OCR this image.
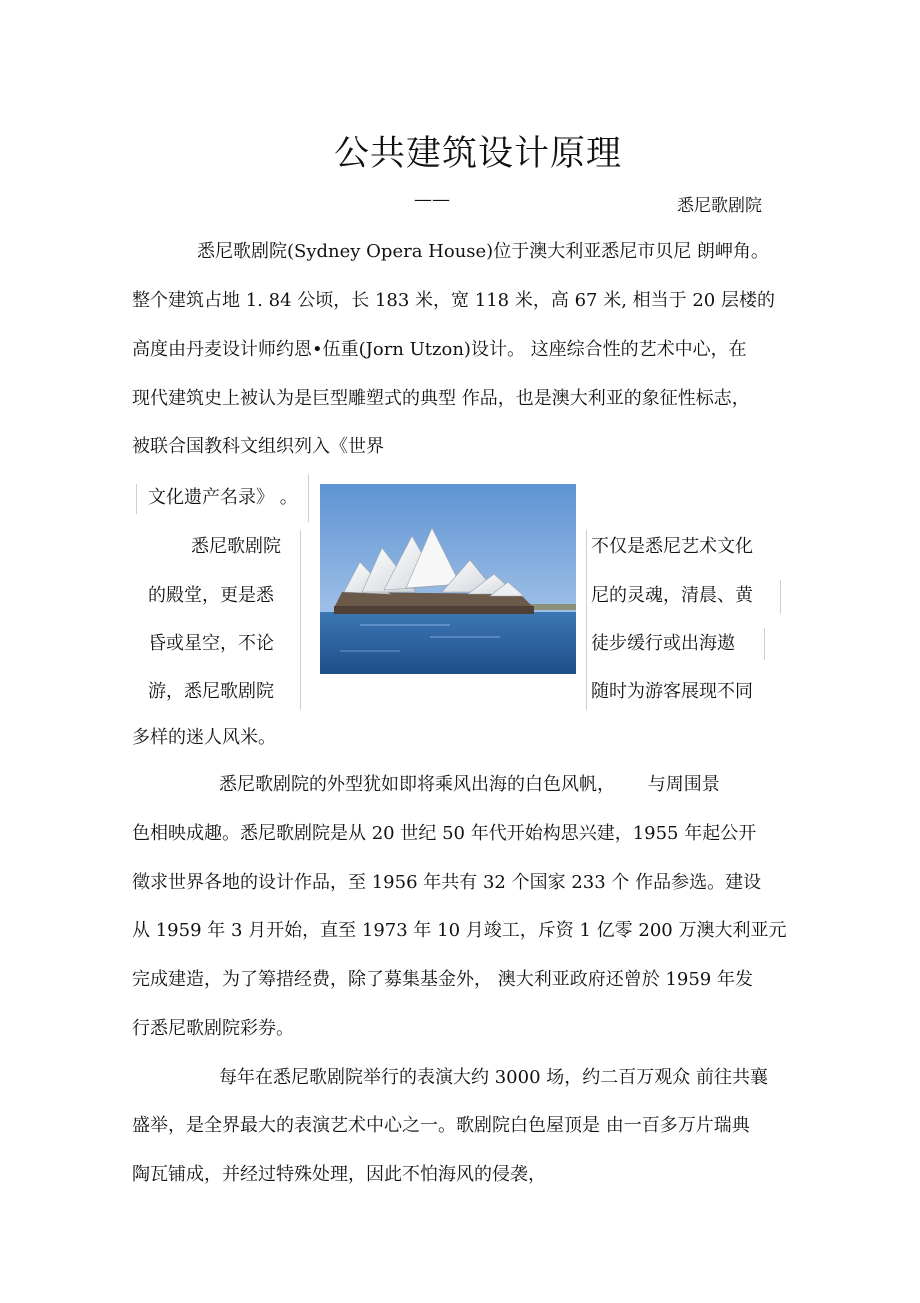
公共建筑设计原理
——	悉尼歌剧院
悉尼歌剧院(Sydney Opera House)位于澳大利亚悉尼市贝尼 朗岬角。
整个建筑占地 1. 84 公顷，长 183 米，宽 118 米，高 67 米, 相当于 20 层楼的
高度由丹麦设计师约恩•伍重(Jorn Utzon)设计。 这座综合性的艺术中心，在
现代建筑史上被认为是巨型雕塑式的典型 作品，也是澳大利亚的象征性标志，
被联合国教科文组织列入《世界
文化遗产名录》 。
悉尼歌剧院
的殿堂，更是悉
昏或星空，不论
游，悉尼歌剧院
不仅是悉尼艺术文化
尼的灵魂，清晨、黄
徒步缓行或出海遨
随时为游客展现不同
多样的迷人风米。
悉尼歌剧院的外型犹如即将乘风出海的白色风帆，　　 与周围景
色相映成趣。悉尼歌剧院是从 20 世纪 50 年代开始构思兴建，1955 年起公开
徵求世界各地的设计作品，至 1956 年共有 32 个国家 233 个 作品参选。建设
从 1959 年 3 月开始，直至 1973 年 10 月竣工，斥资 1 亿零 200 万澳大利亚元
完成建造，为了筹措经费，除了募集基金外， 澳大利亚政府还曾於 1959 年发
行悉尼歌剧院彩券。
每年在悉尼歌剧院举行的表演大约 3000 场，约二百万观众 前往共襄
盛举，是全界最大的表演艺术中心之一。歌剧院白色屋顶是 由一百多万片瑞典
陶瓦铺成，并经过特殊处理，因此不怕海风的侵袭，
